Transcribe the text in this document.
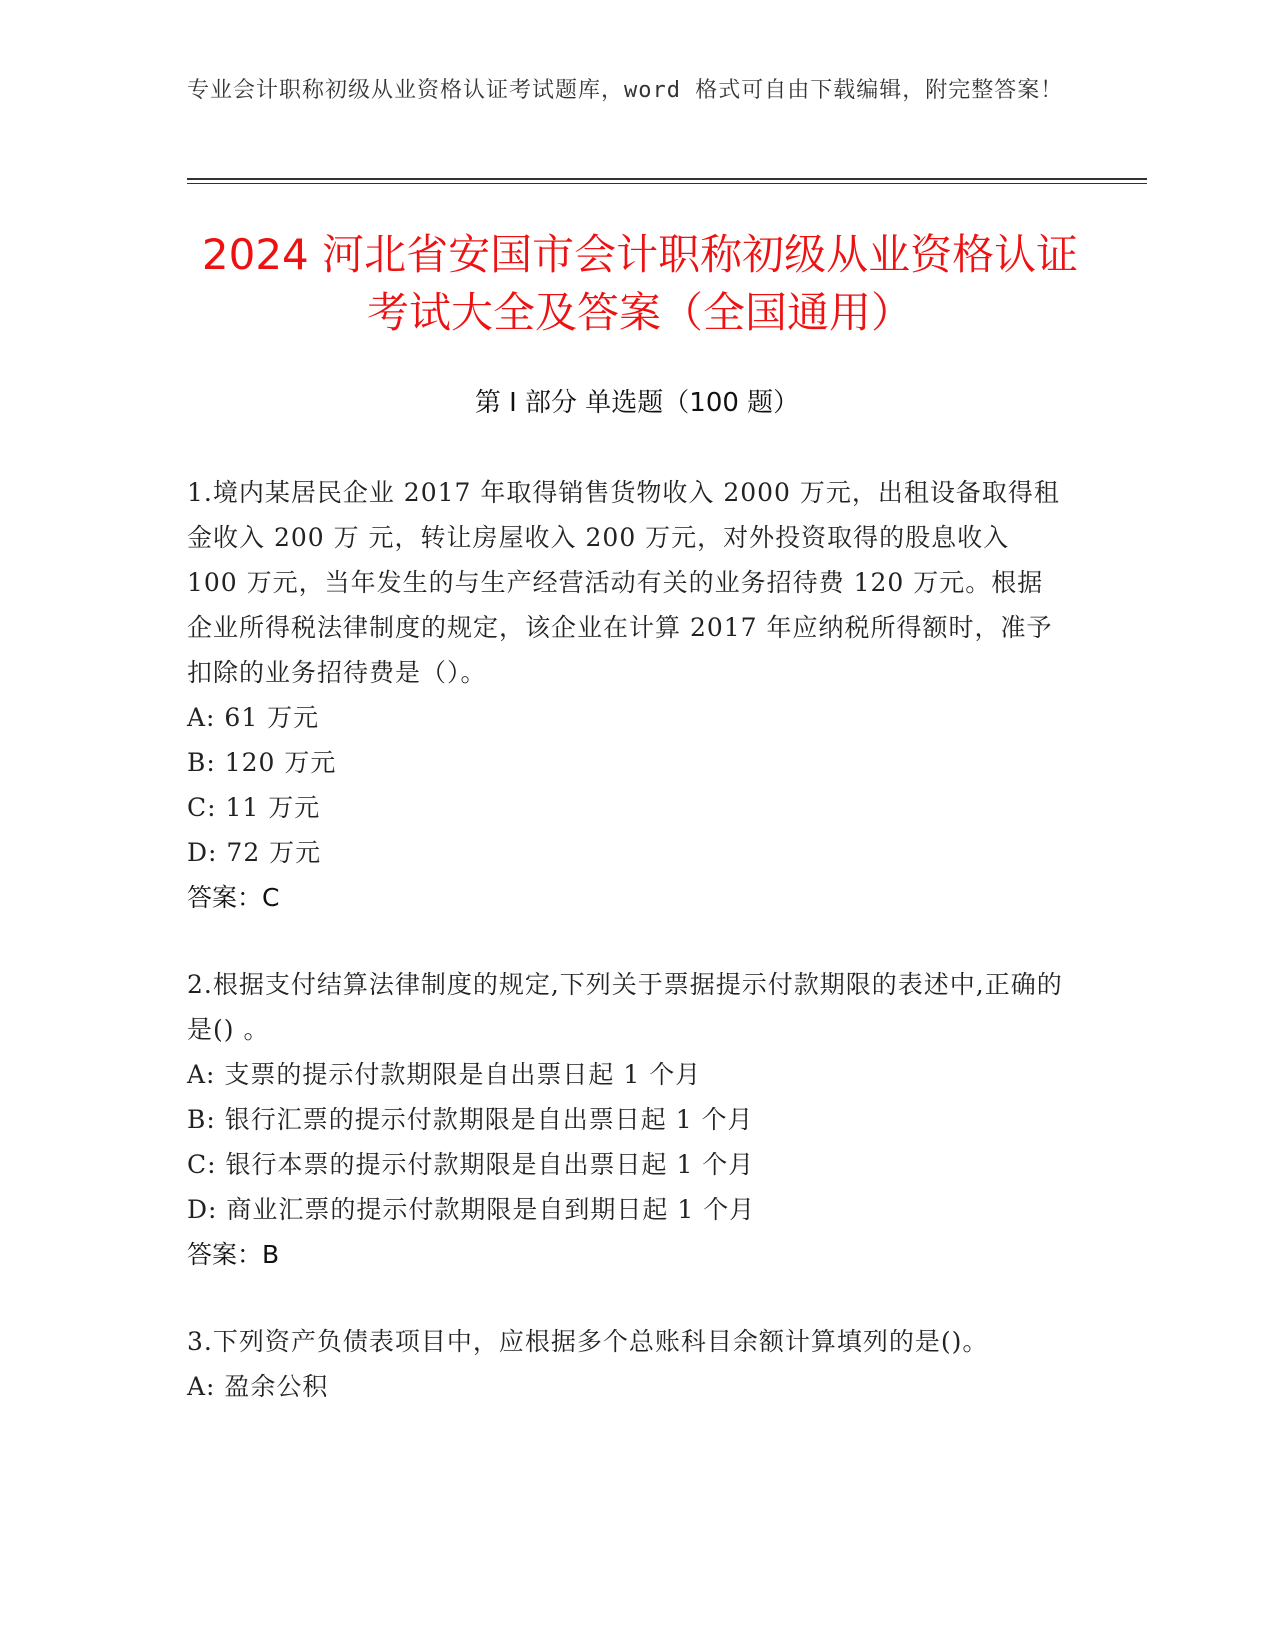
专业会计职称初级从业资格认证考试题库，word 格式可自由下载编辑，附完整答案！
2024 河北省安国市会计职称初级从业资格认证考试大全及答案（全国通用）
第 I 部分 单选题（100 题）

1.境内某居民企业 2017 年取得销售货物收入 2000 万元，出租设备取得租金收入 200 万 元，转让房屋收入 200 万元，对外投资取得的股息收入 100 万元，当年发生的与生产经营活动有关的业务招待费 120 万元。根据企业所得税法律制度的规定，该企业在计算 2017 年应纳税所得额时，准予扣除的业务招待费是（）。

A: 61 万元

B: 120 万元

C: 11 万元

D: 72 万元

答案：C

2.根据支付结算法律制度的规定,下列关于票据提示付款期限的表述中,正确的是() 。

A: 支票的提示付款期限是自出票日起 1 个月

B: 银行汇票的提示付款期限是自出票日起 1 个月

C: 银行本票的提示付款期限是自出票日起 1 个月

D: 商业汇票的提示付款期限是自到期日起 1 个月

答案：B

3.下列资产负债表项目中，应根据多个总账科目余额计算填列的是()。

A: 盈余公积
